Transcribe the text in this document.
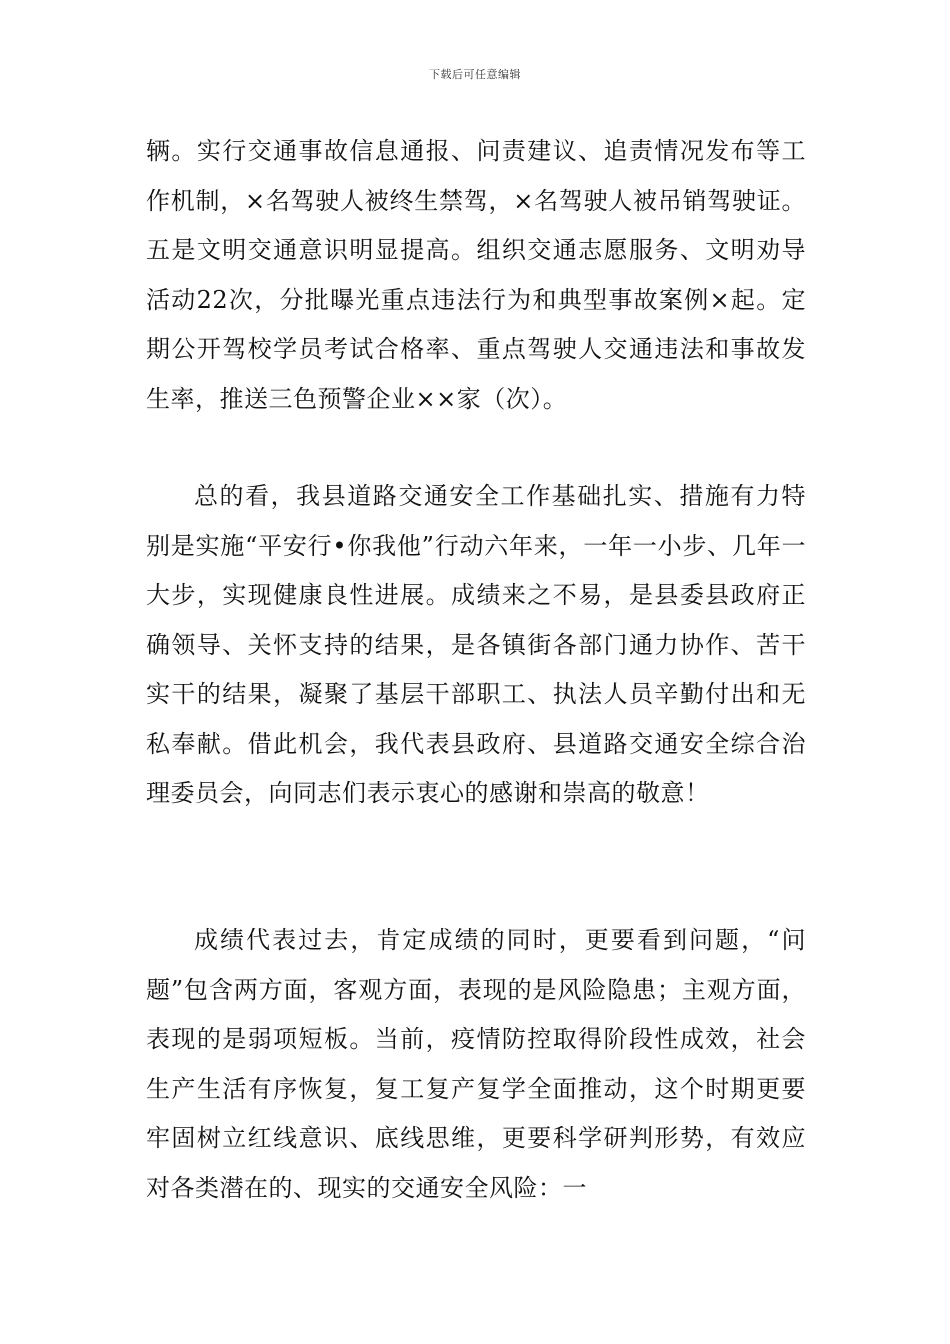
下载后可任意编辑

辆。实行交通事故信息通报、问责建议、追责情况发布等工作机制，×名驾驶人被终生禁驾，×名驾驶人被吊销驾驶证。五是文明交通意识明显提高。组织交通志愿服务、文明劝导活动22次，分批曝光重点违法行为和典型事故案例×起。定期公开驾校学员考试合格率、重点驾驶人交通违法和事故发生率，推送三色预警企业××家（次）。

总的看，我县道路交通安全工作基础扎实、措施有力特别是实施“平安行•你我他”行动六年来，一年一小步、几年一大步，实现健康良性进展。成绩来之不易，是县委县政府正确领导、关怀支持的结果，是各镇街各部门通力协作、苦干实干的结果，凝聚了基层干部职工、执法人员辛勤付出和无私奉献。借此机会，我代表县政府、县道路交通安全综合治理委员会，向同志们表示衷心的感谢和崇高的敬意！

成绩代表过去，肯定成绩的同时，更要看到问题，“问题”包含两方面，客观方面，表现的是风险隐患；主观方面，表现的是弱项短板。当前，疫情防控取得阶段性成效，社会生产生活有序恢复，复工复产复学全面推动，这个时期更要牢固树立红线意识、底线思维，更要科学研判形势，有效应对各类潜在的、现实的交通安全风险：一
